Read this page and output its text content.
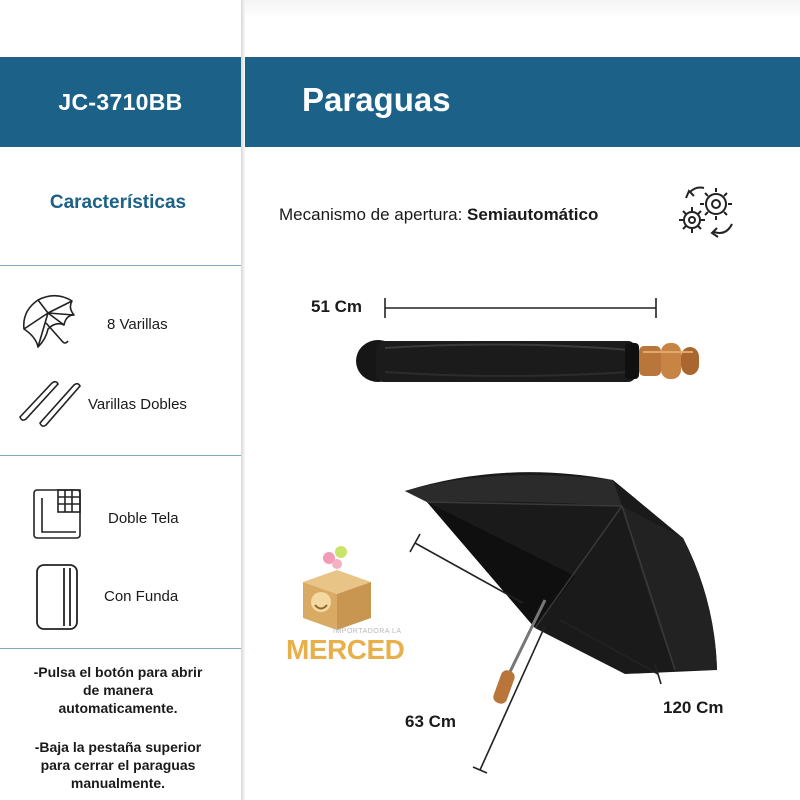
JC-3710BB	Paraguas
Características
8 Varillas
Varillas Dobles
Doble Tela
Con Funda
-Pulsa el botón para abrir
de manera
automaticamente.
-Baja la pestaña superior
para cerrar el paraguas
manualmente.
Mecanismo de apertura: Semiautomático
51 Cm
63 Cm
120 Cm
IMPORTADORA LA
MERCED
